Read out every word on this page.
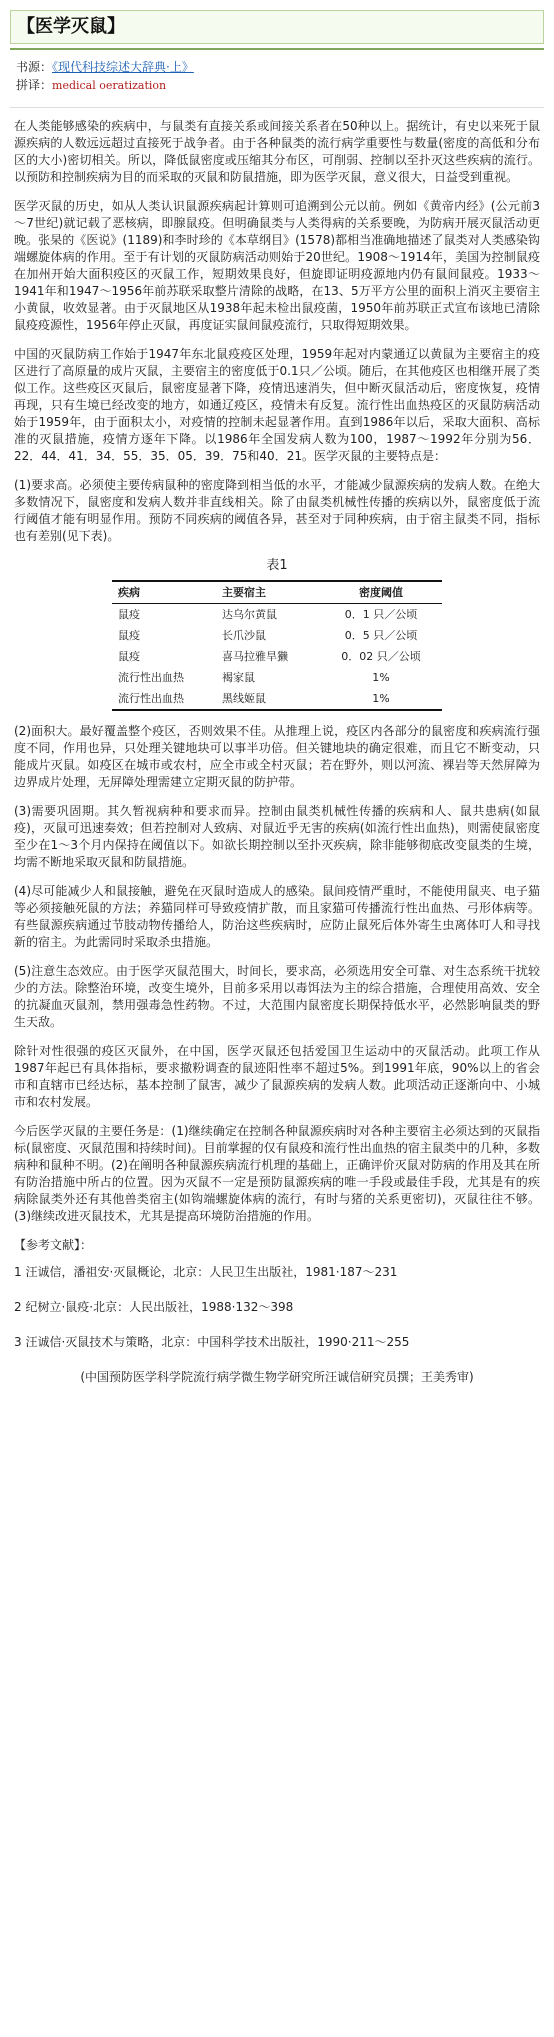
【医学灭鼠】
书源：《现代科技综述大辞典·上》
拼译：medical oeratization

在人类能够感染的疾病中，与鼠类有直接关系或间接关系者在50种以上。据统计，有史以来死于鼠源疾病的人数远远超过直接死于战争者。由于各种鼠类的流行病学重要性与数量(密度的高低和分布区的大小)密切相关。所以，降低鼠密度或压缩其分布区，可削弱、控制以至扑灭这些疾病的流行。以预防和控制疾病为目的而采取的灭鼠和防鼠措施，即为医学灭鼠，意义很大，日益受到重视。

医学灭鼠的历史，如从人类认识鼠源疾病起计算则可追溯到公元以前。例如《黄帝内经》(公元前3～7世纪)就记载了恶核病，即腺鼠疫。但明确鼠类与人类得病的关系要晚，为防病开展灭鼠活动更晚。张杲的《医说》(1189)和李时珍的《本草纲目》(1578)都相当准确地描述了鼠类对人类感染钩端螺旋体病的作用。至于有计划的灭鼠防病活动则始于20世纪。1908～1914年，美国为控制鼠疫在加州开始大面积疫区的灭鼠工作，短期效果良好，但旋即证明疫源地内仍有鼠间鼠疫。1933～1941年和1947～1956年前苏联采取整片清除的战略，在13、5万平方公里的面积上消灭主要宿主小黄鼠，收效显著。由于灭鼠地区从1938年起未检出鼠疫菌，1950年前苏联正式宣布该地已清除鼠疫疫源性，1956年停止灭鼠，再度证实鼠间鼠疫流行，只取得短期效果。

中国的灭鼠防病工作始于1947年东北鼠疫疫区处理，1959年起对内蒙通辽以黄鼠为主要宿主的疫区进行了高原量的成片灭鼠，主要宿主的密度低于0.1只／公顷。随后，在其他疫区也相继开展了类似工作。这些疫区灭鼠后，鼠密度显著下降，疫情迅速消失，但中断灭鼠活动后，密度恢复，疫情再现，只有生境已经改变的地方，如通辽疫区，疫情未有反复。流行性出血热疫区的灭鼠防病活动始于1959年，由于面积太小，对疫情的控制未起显著作用。直到1986年以后，采取大面积、高标准的灭鼠措施，疫情方逐年下降。以1986年全国发病人数为100，1987～1992年分别为56．22．44．41．34．55．35．05．39．75和40．21。医学灭鼠的主要特点是：

(1)要求高。必须使主要传病鼠种的密度降到相当低的水平，才能减少鼠源疾病的发病人数。在绝大多数情况下，鼠密度和发病人数并非直线相关。除了由鼠类机械性传播的疾病以外，鼠密度低于流行阈值才能有明显作用。预防不同疾病的阈值各异，甚至对于同种疾病，由于宿主鼠类不同，指标也有差别(见下表)。

表1
疾病	主要宿主	密度阈值
鼠疫	达乌尔黄鼠	0．1 只／公顷
鼠疫	长爪沙鼠	0．5 只／公顷
鼠疫	喜马拉雅旱獭	0．02 只／公顷
流行性出血热	褐家鼠	1%
流行性出血热	黑线姬鼠	1%

(2)面积大。最好覆盖整个疫区，否则效果不佳。从推理上说，疫区内各部分的鼠密度和疾病流行强度不同，作用也异，只处理关键地块可以事半功倍。但关键地块的确定很难，而且它不断变动，只能成片灭鼠。如疫区在城市或农村，应全市或全村灭鼠；若在野外，则以河流、裸岩等天然屏障为边界成片处理，无屏障处理需建立定期灭鼠的防护带。

(3)需要巩固期。其久暂视病种和要求而异。控制由鼠类机械性传播的疾病和人、鼠共患病(如鼠疫)，灭鼠可迅速奏效；但若控制对人致病、对鼠近乎无害的疾病(如流行性出血热)，则需使鼠密度至少在1～3个月内保持在阈值以下。如欲长期控制以至扑灭疾病，除非能够彻底改变鼠类的生境，均需不断地采取灭鼠和防鼠措施。

(4)尽可能减少人和鼠接触，避免在灭鼠时造成人的感染。鼠间疫情严重时，不能使用鼠夹、电子猫等必须接触死鼠的方法；养猫同样可导致疫情扩散，而且家猫可传播流行性出血热、弓形体病等。有些鼠源疾病通过节肢动物传播给人，防治这些疾病时，应防止鼠死后体外寄生虫离体叮人和寻找新的宿主。为此需同时采取杀虫措施。

(5)注意生态效应。由于医学灭鼠范围大，时间长，要求高，必须选用安全可靠、对生态系统干扰较少的方法。除整治环境，改变生境外，目前多采用以毒饵法为主的综合措施，合理使用高效、安全的抗凝血灭鼠剂，禁用强毒急性药物。不过，大范围内鼠密度长期保持低水平，必然影响鼠类的野生天敌。

除针对性很强的疫区灭鼠外，在中国，医学灭鼠还包括爱国卫生运动中的灭鼠活动。此项工作从1987年起已有具体指标，要求撤粉调查的鼠迹阳性率不超过5%。到1991年底，90%以上的省会市和直辖市已经达标，基本控制了鼠害，减少了鼠源疾病的发病人数。此项活动正逐渐向中、小城市和农村发展。

今后医学灭鼠的主要任务是：(1)继续确定在控制各种鼠源疾病时对各种主要宿主必须达到的灭鼠指标(鼠密度、灭鼠范围和持续时间)。目前掌握的仅有鼠疫和流行性出血热的宿主鼠类中的几种，多数病种和鼠种不明。(2)在阐明各种鼠源疾病流行机理的基础上，正确评价灭鼠对防病的作用及其在所有防治措施中所占的位置。因为灭鼠不一定是预防鼠源疾病的唯一手段或最佳手段，尤其是有的疾病除鼠类外还有其他兽类宿主(如钩端螺旋体病的流行，有时与猪的关系更密切)，灭鼠往往不够。(3)继续改进灭鼠技术，尤其是提高环境防治措施的作用。

【参考文献】：
1 汪诚信，潘祖安·灭鼠概论，北京：人民卫生出版社，1981·187～231
2 纪树立·鼠疫·北京：人民出版社，1988·132～398
3 汪诚信·灭鼠技术与策略，北京：中国科学技术出版社，1990·211～255
(中国预防医学科学院流行病学微生物学研究所汪诚信研究员撰；王美秀审)
